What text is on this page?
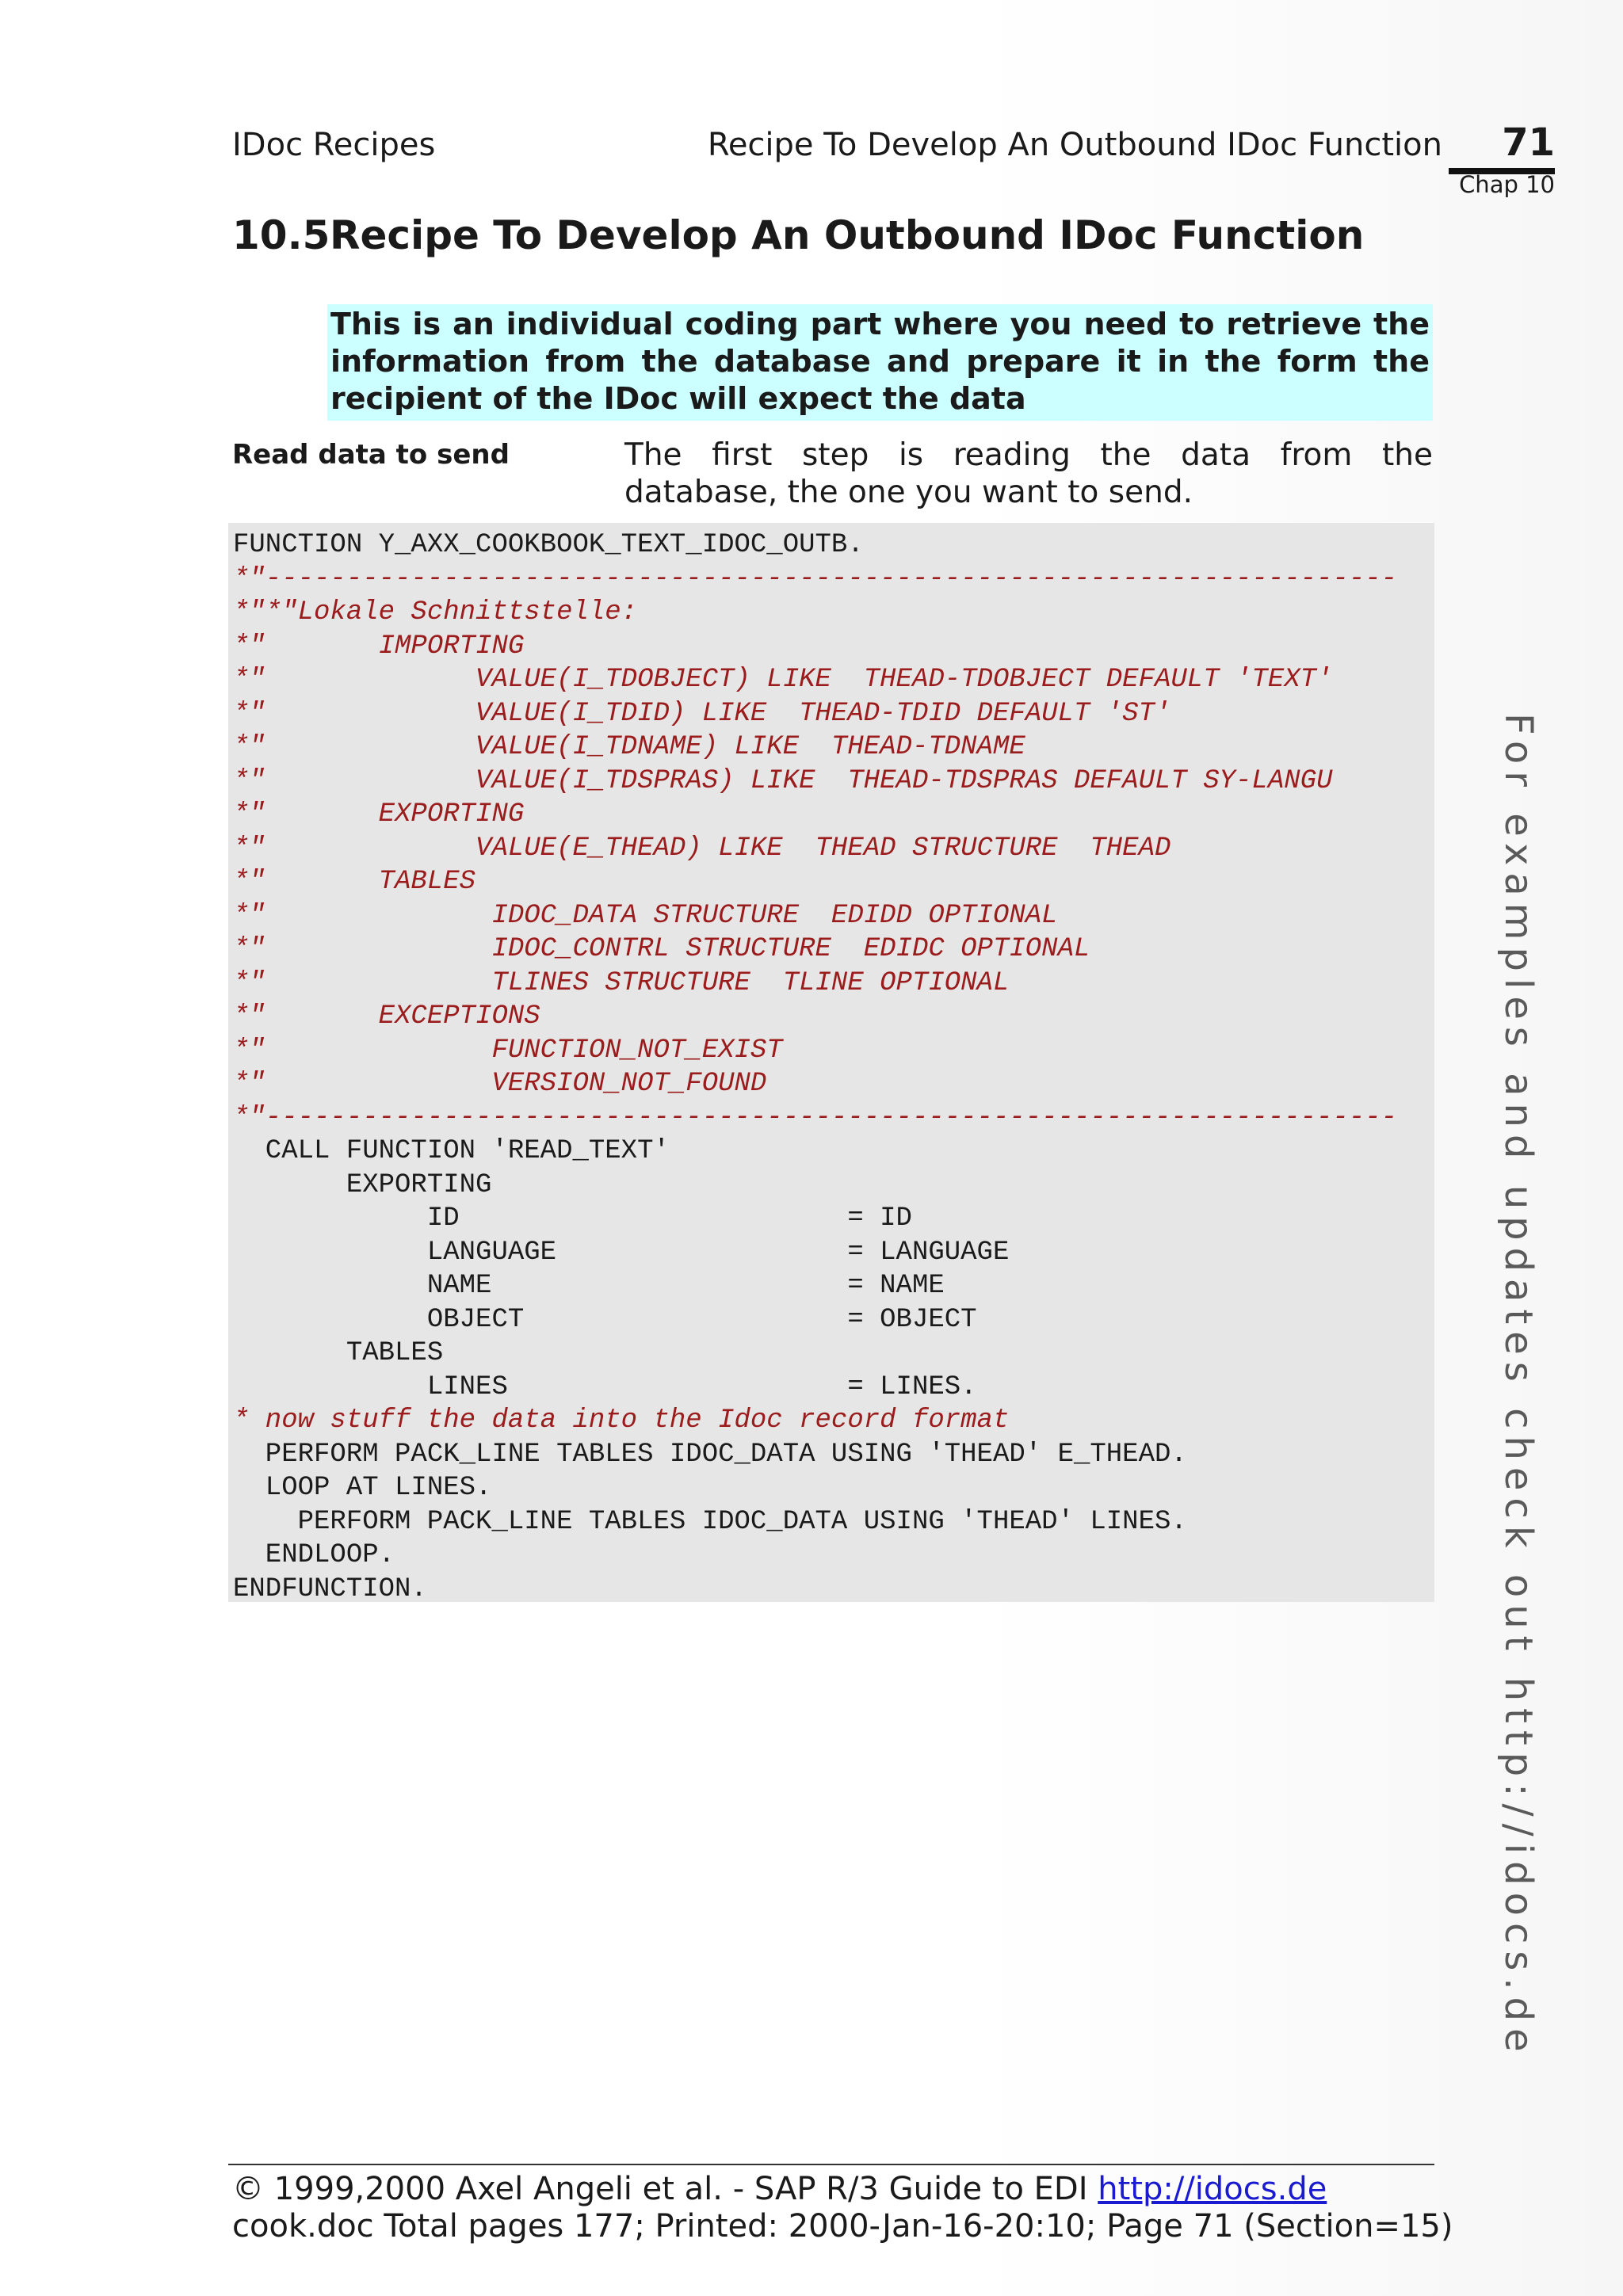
IDoc Recipes	Recipe To Develop An Outbound IDoc Function	71
Chap 10
10.5Recipe To Develop An Outbound IDoc Function
This is an individual coding part where you need to retrieve the information from the database and prepare it in the form the recipient of the IDoc will expect the data
Read data to send	The first step is reading the data from the database, the one you want to send.
FUNCTION Y_AXX_COOKBOOK_TEXT_IDOC_OUTB.
*"----------------------------------------------------------------------
*"*"Lokale Schnittstelle:
*"       IMPORTING
*"             VALUE(I_TDOBJECT) LIKE  THEAD-TDOBJECT DEFAULT 'TEXT'
*"             VALUE(I_TDID) LIKE  THEAD-TDID DEFAULT 'ST'
*"             VALUE(I_TDNAME) LIKE  THEAD-TDNAME
*"             VALUE(I_TDSPRAS) LIKE  THEAD-TDSPRAS DEFAULT SY-LANGU
*"       EXPORTING
*"             VALUE(E_THEAD) LIKE  THEAD STRUCTURE  THEAD
*"       TABLES
*"              IDOC_DATA STRUCTURE  EDIDD OPTIONAL
*"              IDOC_CONTRL STRUCTURE  EDIDC OPTIONAL
*"              TLINES STRUCTURE  TLINE OPTIONAL
*"       EXCEPTIONS
*"              FUNCTION_NOT_EXIST
*"              VERSION_NOT_FOUND
*"----------------------------------------------------------------------
CALL FUNCTION 'READ_TEXT'
EXPORTING
ID                        = ID
LANGUAGE                  = LANGUAGE
NAME                      = NAME
OBJECT                    = OBJECT
TABLES
LINES                     = LINES.
* now stuff the data into the Idoc record format
PERFORM PACK_LINE TABLES IDOC_DATA USING 'THEAD' E_THEAD.
LOOP AT LINES.
PERFORM PACK_LINE TABLES IDOC_DATA USING 'THEAD' LINES.
ENDLOOP.
ENDFUNCTION.	For examples and updates check out http://idocs.de
© 1999,2000 Axel Angeli et al. - SAP R/3 Guide to EDI http://idocs.de
cook.doc Total pages 177; Printed: 2000-Jan-16-20:10; Page 71 (Section=15)
